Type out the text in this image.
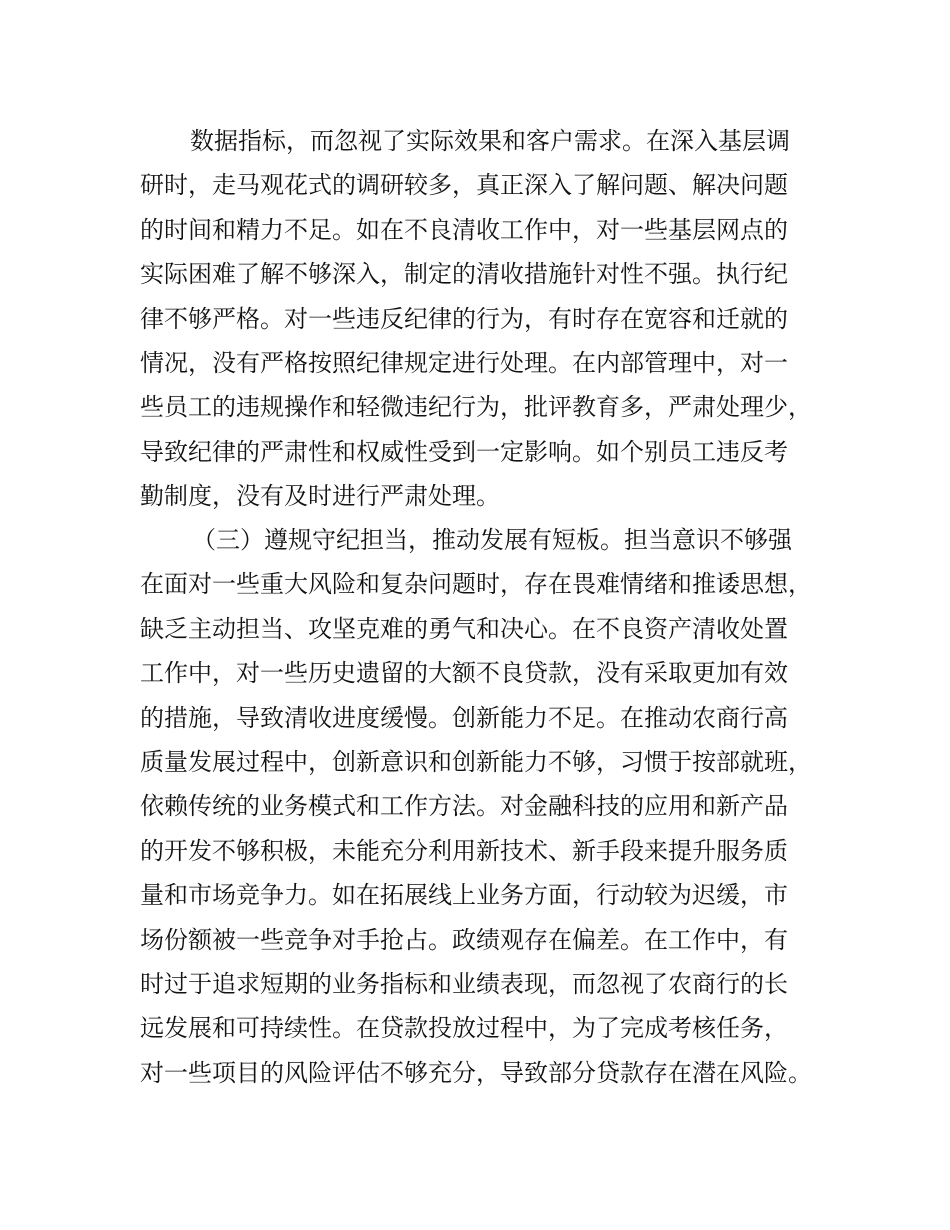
数据指标，而忽视了实际效果和客户需求。在深入基层调
研时，走马观花式的调研较多，真正深入了解问题、解决问题
的时间和精力不足。如在不良清收工作中，对一些基层网点的
实际困难了解不够深入，制定的清收措施针对性不强。执行纪
律不够严格。对一些违反纪律的行为，有时存在宽容和迁就的
情况，没有严格按照纪律规定进行处理。在内部管理中，对一
些员工的违规操作和轻微违纪行为，批评教育多，严肃处理少，
导致纪律的严肃性和权威性受到一定影响。如个别员工违反考
勤制度，没有及时进行严肃处理。
（三）遵规守纪担当，推动发展有短板。担当意识不够强
在面对一些重大风险和复杂问题时，存在畏难情绪和推诿思想，
缺乏主动担当、攻坚克难的勇气和决心。在不良资产清收处置
工作中，对一些历史遗留的大额不良贷款，没有采取更加有效
的措施，导致清收进度缓慢。创新能力不足。在推动农商行高
质量发展过程中，创新意识和创新能力不够，习惯于按部就班，
依赖传统的业务模式和工作方法。对金融科技的应用和新产品
的开发不够积极，未能充分利用新技术、新手段来提升服务质
量和市场竞争力。如在拓展线上业务方面，行动较为迟缓，市
场份额被一些竞争对手抢占。政绩观存在偏差。在工作中，有
时过于追求短期的业务指标和业绩表现，而忽视了农商行的长
远发展和可持续性。在贷款投放过程中，为了完成考核任务，
对一些项目的风险评估不够充分，导致部分贷款存在潜在风险。
